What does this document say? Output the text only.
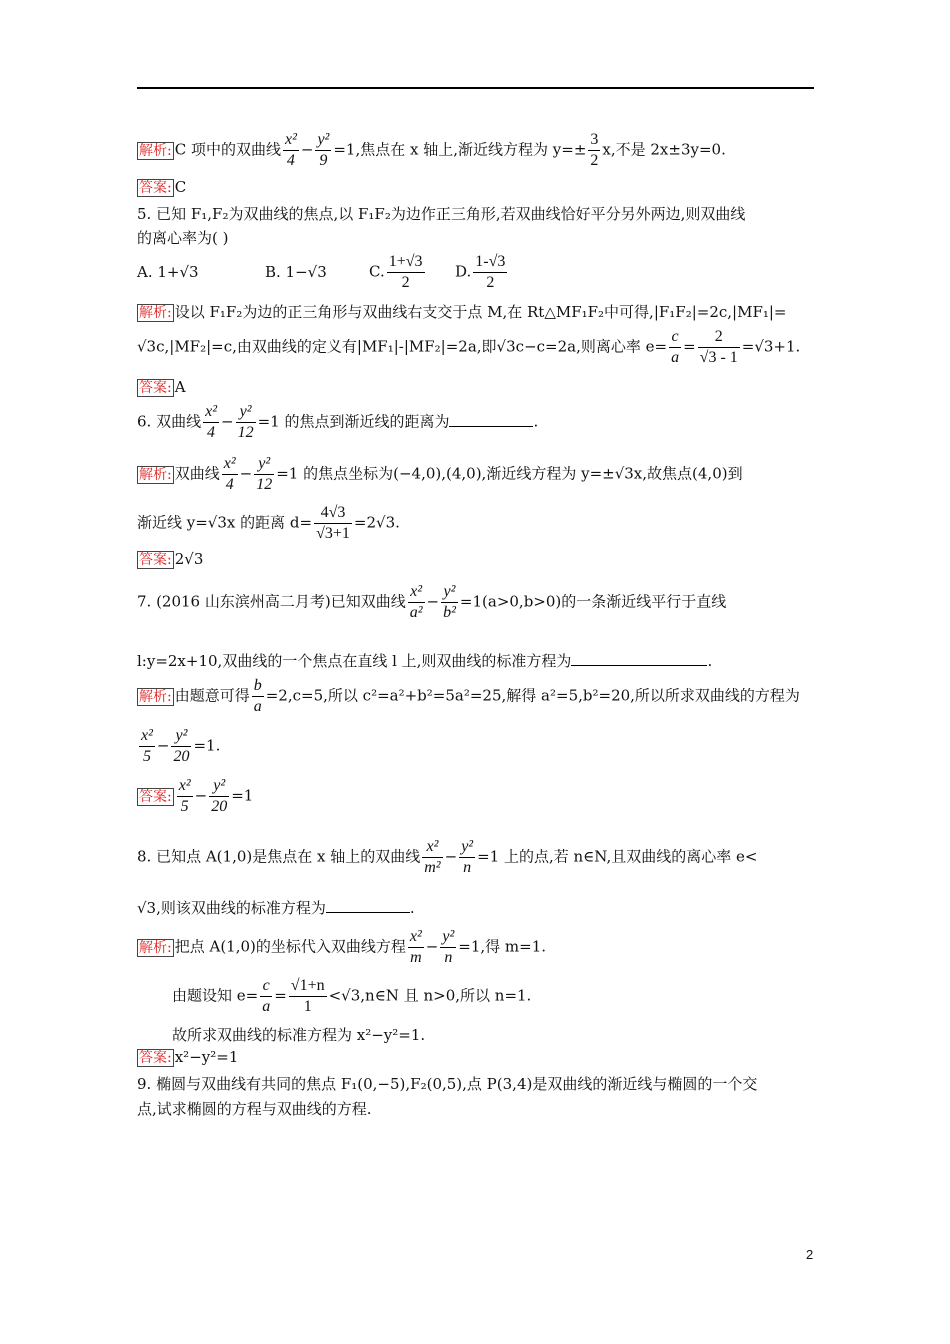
解析: C 项中的双曲线 $\frac{\text{x²}}{4} - \frac{\text{y²}}{9} =1$,焦点在 x 轴上,渐近线方程为 $y=\pm \frac{3}{2} x$,不是 2x±3y=0.
答案: C
5. 已知 F₁,F₂为双曲线的焦点,以 F₁F₂为边作正三角形,若双曲线恰好平分另外两边,则双曲线
的离心率为( )
A. 1+√3	B. 1−√3	C. $\frac{1+√3}{2} D$. $\frac{1-√3}{2}$
解析: 设以 F₁F₂为边的正三角形与双曲线右支交于点 M,在 Rt△MF₁F₂中可得,|F₁F₂|=2c,|MF₁|=
√3c,|MF₂|=c,由双曲线的定义有|MF₁|-|MF₂|=2a,即√3c−c=2a,则离心率 $e= \frac{c}{a} = \frac{2}{√3 - 1} =√3+1$.
答案: A
6. 双曲线 $\frac{\text{x²}}{4} - \frac{\text{y²}}{12} =1$ 的焦点到渐近线的距离为	.
解析: 双曲线 $\frac{\text{x²}}{4} - \frac{\text{y²}}{12} =1$ 的焦点坐标为(−4,0),(4,0),渐近线方程为 y=±√3x,故焦点(4,0)到
渐近线 y=√3x 的距离 $d= \frac{4√3}{√3+1} =2√3$.
答案: 2√3
7. (2016 山东滨州高二月考)已知双曲线 $\frac{\text{x²}}{\text{a²}} - \frac{\text{y²}}{\text{b²}} =1(a>0,b>0)$的一条渐近线平行于直线
l:y=2x+10,双曲线的一个焦点在直线 l 上,则双曲线的标准方程为	.
解析: 由题意可得 $\frac{b}{a} =2,c=5$,所以 c²=a²+b²=5a²=25,解得 a²=5,b²=20,所以所求双曲线的方程为
$\frac{\text{x²}}{5} - \frac{\text{y²}}{20} =1$.
答案: $\frac{\text{x²}}{5} - \frac{\text{y²}}{20} =1$
8. 已知点 A(1,0)是焦点在 x 轴上的双曲线 $\frac{\text{x²}}{\text{m²}} - \frac{\text{y²}}{n} =1$ 上的点,若 n∈N,且双曲线的离心率 e<
√3,则该双曲线的标准方程为	.
解析: 把点 A(1,0)的坐标代入双曲线方程 $\frac{\text{x²}}{m} - \frac{\text{y²}}{n} =1$,得 m=1.
由题设知 $e= \frac{c}{a} = \frac{√1+n}{1}$ <√3,n∈N 且 n>0,所以 n=1.
故所求双曲线的标准方程为 x²−y²=1.
答案: x²−y²=1
9. 椭圆与双曲线有共同的焦点 F₁(0,−5),F₂(0,5),点 P(3,4)是双曲线的渐近线与椭圆的一个交
点,试求椭圆的方程与双曲线的方程.
2
